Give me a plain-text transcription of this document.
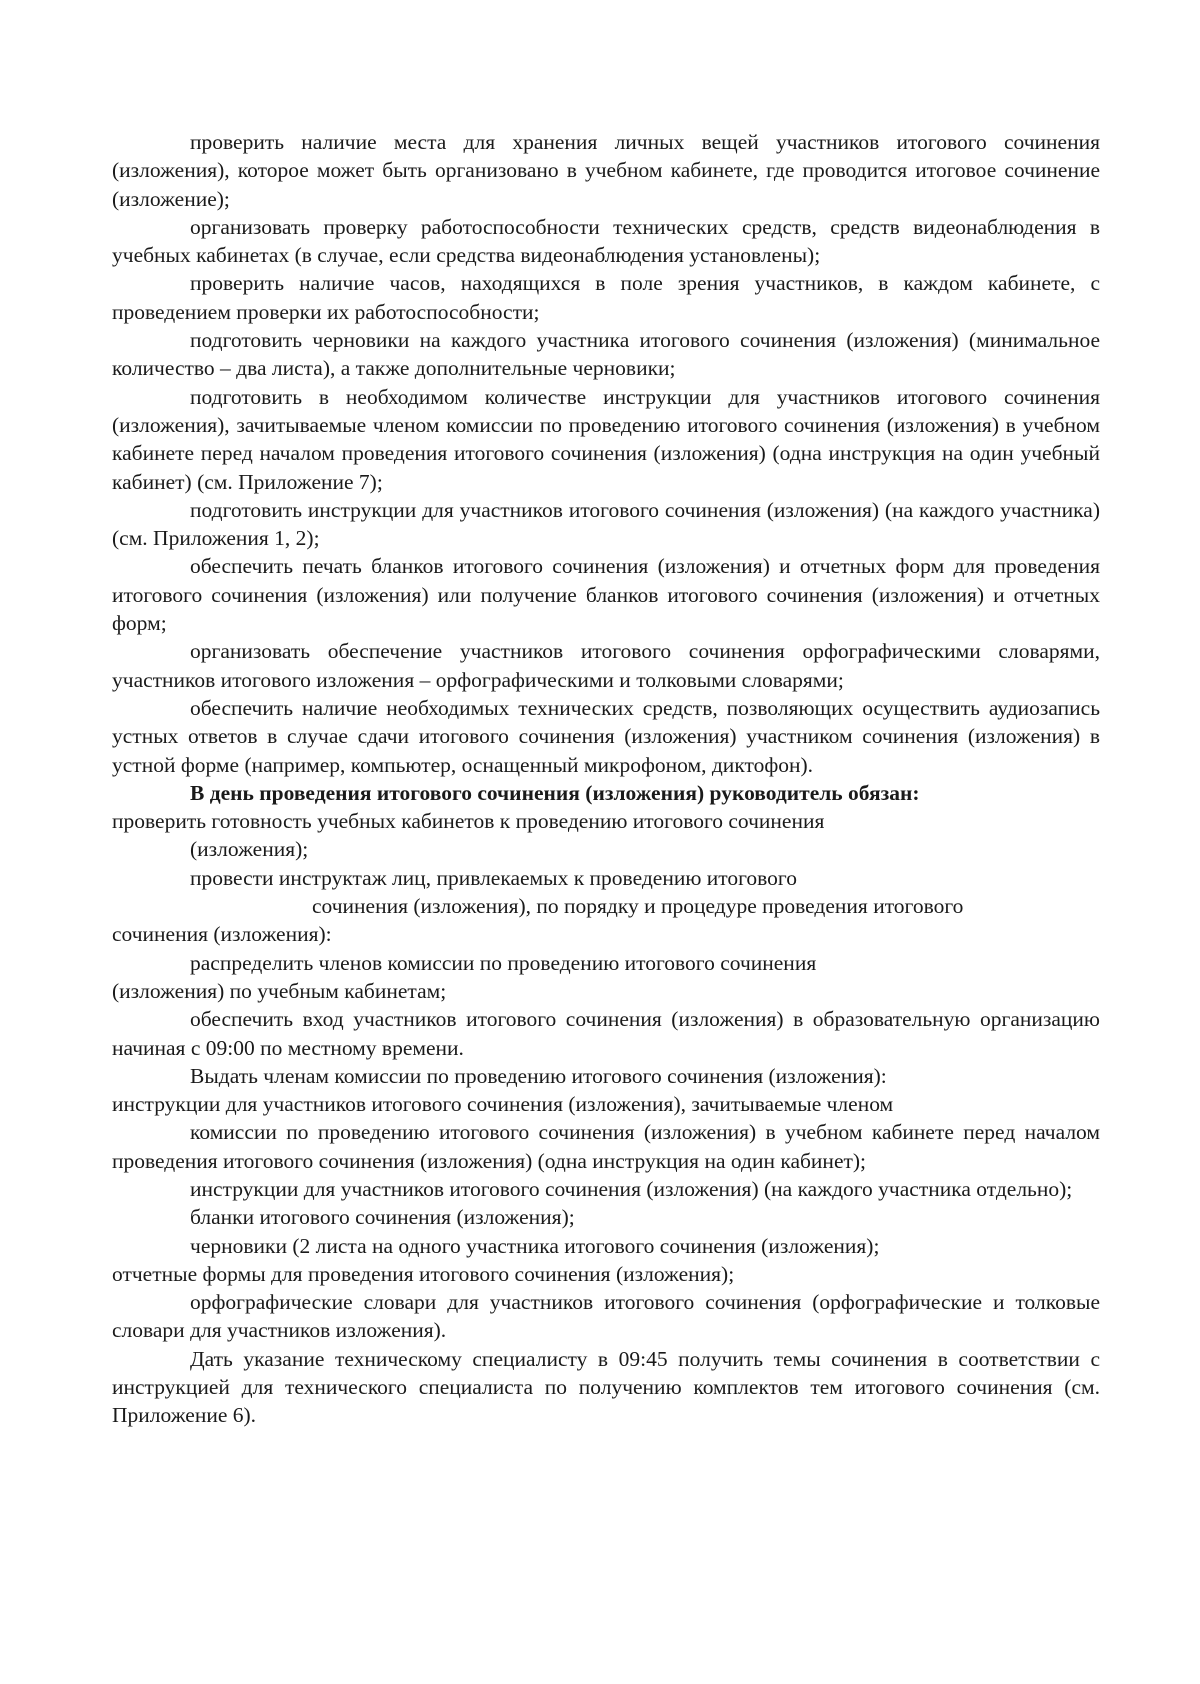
проверить наличие места для хранения личных вещей участников итогового сочинения (изложения), которое может быть организовано в учебном кабинете, где проводится итоговое сочинение (изложение);

организовать проверку работоспособности технических средств, средств видеонаблюдения в учебных кабинетах (в случае, если средства видеонаблюдения установлены);

проверить наличие часов, находящихся в поле зрения участников, в каждом кабинете, с проведением проверки их работоспособности;

подготовить черновики на каждого участника итогового сочинения (изложения) (минимальное количество – два листа), а также дополнительные черновики;

подготовить в необходимом количестве инструкции для участников итогового сочинения (изложения), зачитываемые членом комиссии по проведению итогового сочинения (изложения) в учебном кабинете перед началом проведения итогового сочинения (изложения) (одна инструкция на один учебный кабинет) (см. Приложение 7);

подготовить инструкции для участников итогового сочинения (изложения) (на каждого участника) (см. Приложения 1, 2);

обеспечить печать бланков итогового сочинения (изложения) и отчетных форм для проведения итогового сочинения (изложения) или получение бланков итогового сочинения (изложения) и отчетных форм;

организовать обеспечение участников итогового сочинения орфографическими словарями, участников итогового изложения – орфографическими и толковыми словарями;

обеспечить наличие необходимых технических средств, позволяющих осуществить аудиозапись устных ответов в случае сдачи итогового сочинения (изложения) участником сочинения (изложения) в устной форме (например, компьютер, оснащенный микрофоном, диктофон).

В день проведения итогового сочинения (изложения) руководитель обязан:

проверить готовность учебных кабинетов к проведению итогового сочинения

(изложения);

провести инструктаж лиц, привлекаемых к проведению итогового

сочинения (изложения), по порядку и процедуре проведения итогового

сочинения (изложения):

распределить членов комиссии по проведению итогового сочинения

(изложения) по учебным кабинетам;

обеспечить вход участников итогового сочинения (изложения) в образовательную организацию начиная с 09:00 по местному времени.

Выдать членам комиссии по проведению итогового сочинения (изложения):

инструкции для участников итогового сочинения (изложения), зачитываемые членом

комиссии по проведению итогового сочинения (изложения) в учебном кабинете перед началом проведения итогового сочинения (изложения) (одна инструкция на один кабинет);

инструкции для участников итогового сочинения (изложения) (на каждого участника отдельно);

бланки итогового сочинения (изложения);

черновики (2 листа на одного участника итогового сочинения (изложения);

отчетные формы для проведения итогового сочинения (изложения);

орфографические словари для участников итогового сочинения (орфографические и толковые словари для участников изложения).

Дать указание техническому специалисту в 09:45 получить темы сочинения в соответствии с инструкцией для технического специалиста по получению комплектов тем итогового сочинения (см. Приложение 6).
